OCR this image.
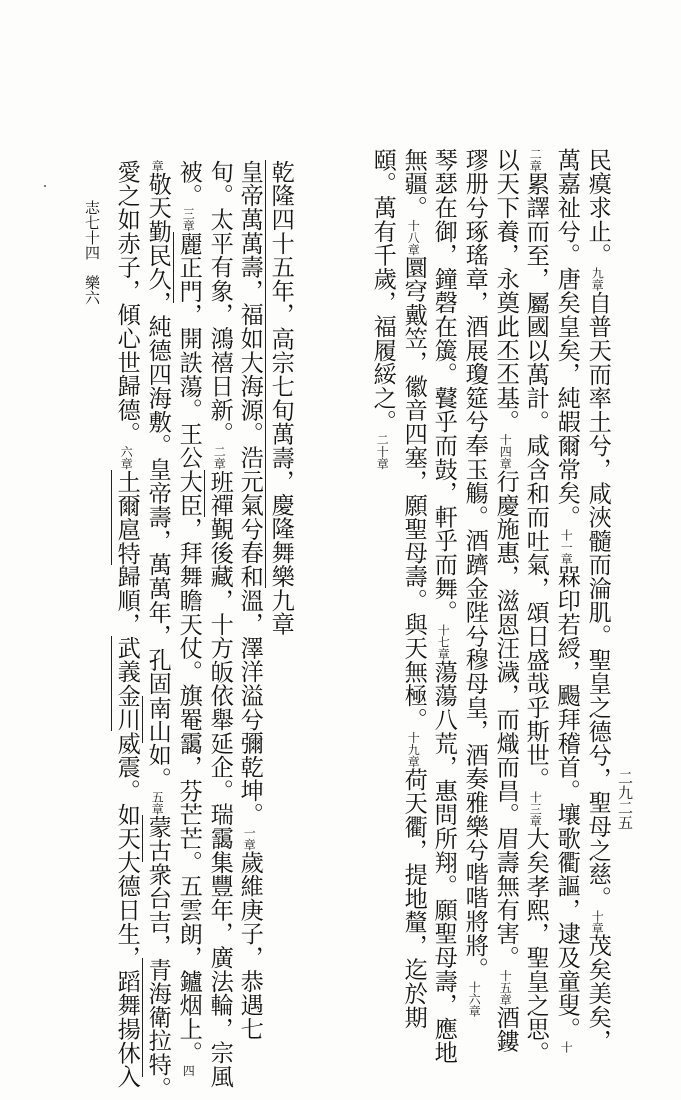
志七十四　樂六
二九二五
民瘼求止。九章自普天而率土兮，咸浹髓而淪肌。聖皇之德兮，聖母之慈。十章茂矣美矣，
萬嘉祉兮。唐矣皇矣，純嘏爾常矣。十一章槑印若綬，颺拜稽首。壤歌衢謳，逮及童叟。十
二章累譯而至，屬國以萬計。咸含和而吐氣，頌日盛哉乎斯世。十三章大矣孝熙，聖皇之思。
以天下養，永奠此丕丕基。十四章行慶施惠，滋恩汪濊，而熾而昌。眉壽無有害。十五章酒鏤
璆册兮琢瑤章，酒展瓊筵兮奉玉觴。酒躋金陛兮穆母皇，酒奏雅樂兮喈喈將將。十六章
琴瑟在御，鐘磬在簴。鼚乎而鼓，軒乎而舞。十七章蕩蕩八荒，惠問所翔。願聖母壽，應地
無疆。十八章圜穹戴笠，徽音四塞，願聖母壽。與天無極。十九章荷天衢，提地釐，迄於期
頤。萬有千歲，福履綏之。二十章
乾隆四十五年，高宗七旬萬壽，慶隆舞樂九章
皇帝萬萬壽，福如大海源。浩元氣兮春和溫，澤洋溢兮彌乾坤。一章歲維庚子，恭遇七
旬。太平有象，鴻禧日新。二章班禪覲後藏，十方皈依舉延企。瑞靄集豐年，廣法輪，宗風
被。三章麗正門，開詄蕩。王公大臣，拜舞瞻天仗。旗罨靄，芬芒芒。五雲朗，鑪烟上。四
章敬天勤民久，純德四海敷。皇帝壽，萬萬年，孔固南山如。五章蒙古衆台吉，青海衛拉特。
愛之如赤子，傾心世歸德。六章土爾扈特歸順，武義金川威震。如天大德日生，蹈舞揚休入
